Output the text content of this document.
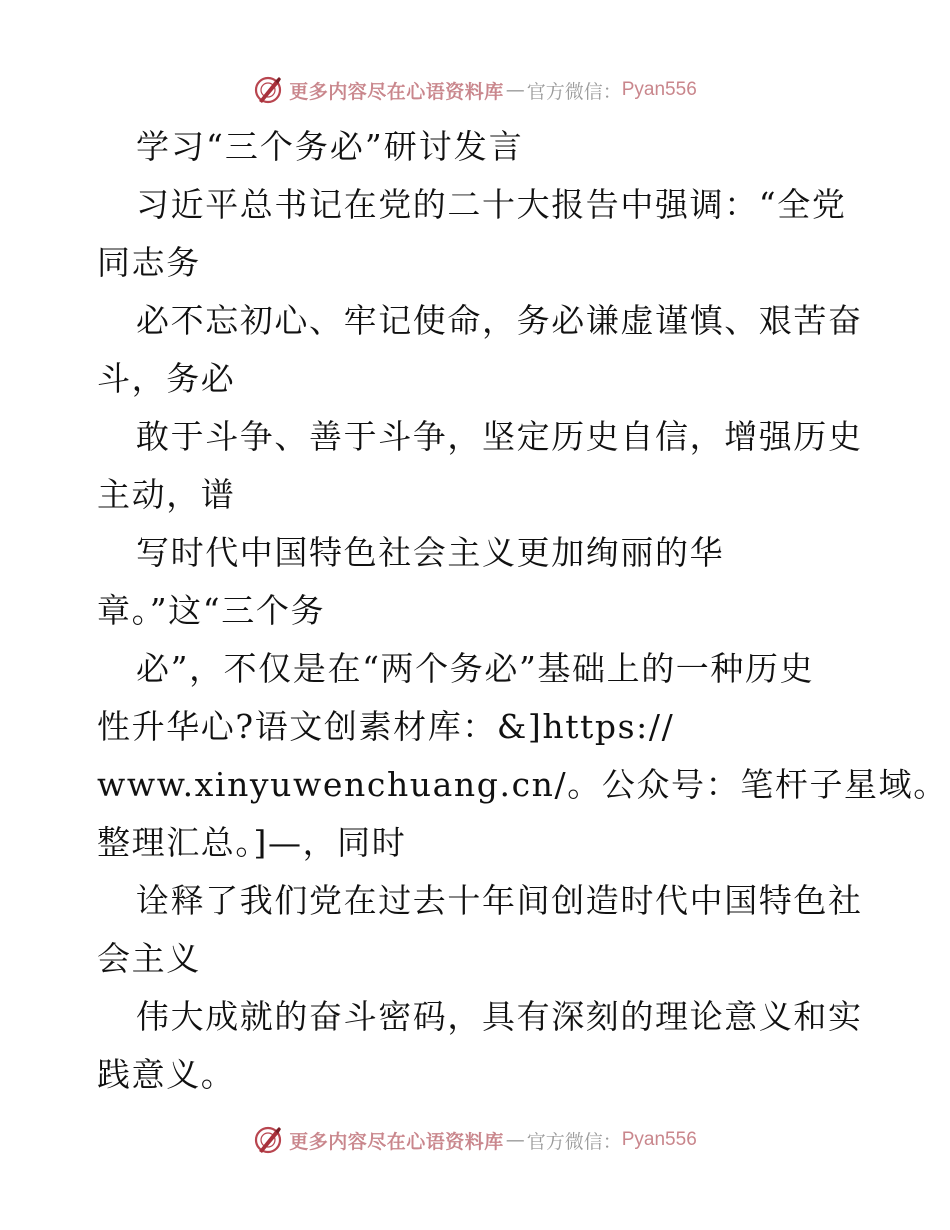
更多内容尽在心语资料库 — 官方微信： Pyan556
学习“三个务必”研讨发言
习近平总书记在党的二十大报告中强调：“全党
同志务
必不忘初心、牢记使命，务必谦虚谨慎、艰苦奋
斗，务必
敢于斗争、善于斗争，坚定历史自信，增强历史
主动，谱
写时代中国特色社会主义更加绚丽的华
章。”这“三个务
必”，不仅是在“两个务必”基础上的一种历史
性升华心?语文创素材库：&]https://
www.xinyuwenchuang.cn/。公众号：笔杆子星域。
整理汇总。]—，同时
诠释了我们党在过去十年间创造时代中国特色社
会主义
伟大成就的奋斗密码，具有深刻的理论意义和实
践意义。
更多内容尽在心语资料库 — 官方微信： Pyan556
